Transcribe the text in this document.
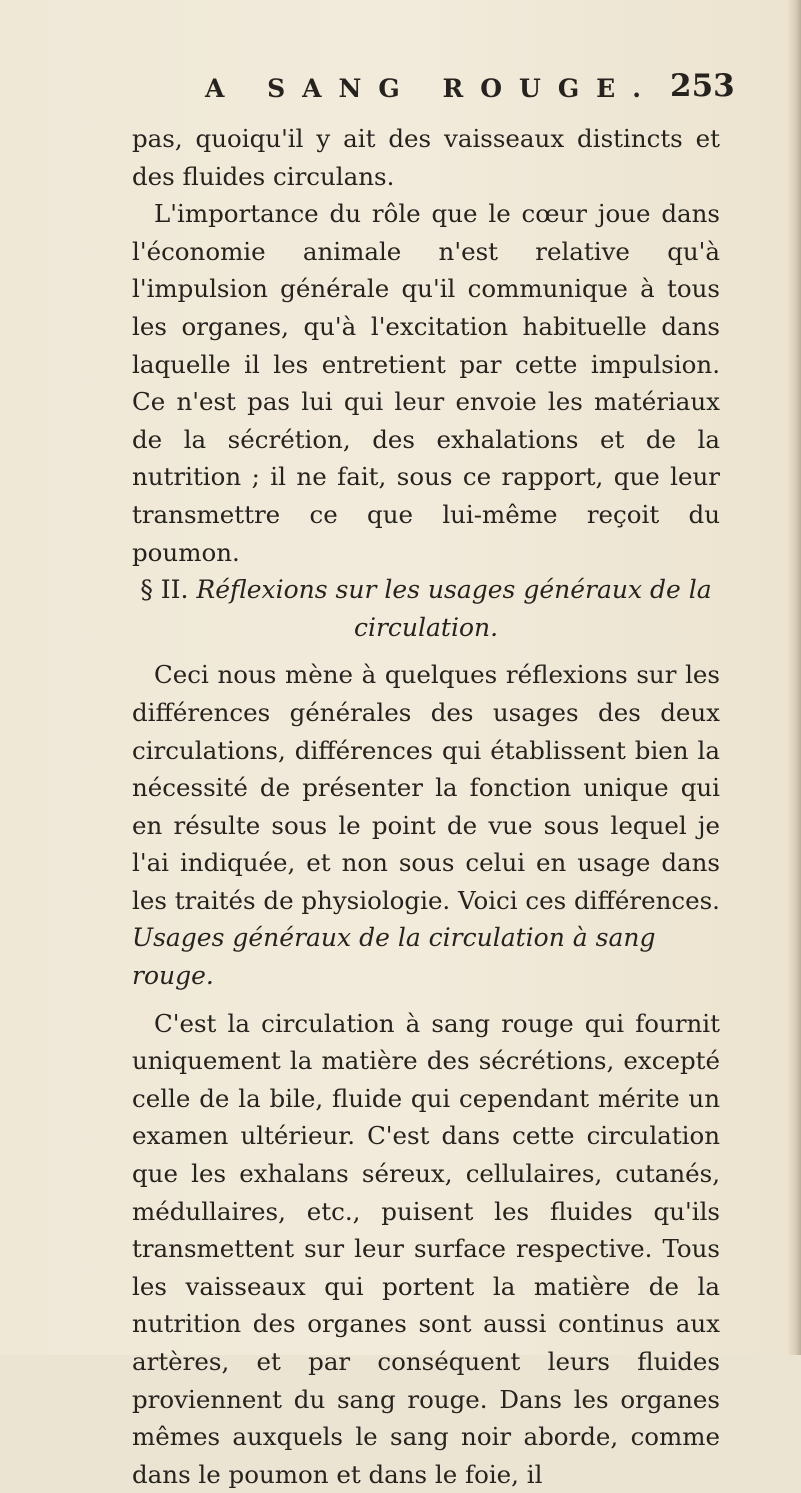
A SANG ROUGE. 253

pas, quoiqu'il y ait des vaisseaux distincts et des fluides circulans.

L'importance du rôle que le cœur joue dans l'économie animale n'est relative qu'à l'impulsion générale qu'il communique à tous les organes, qu'à l'excitation habituelle dans laquelle il les entretient par cette impulsion. Ce n'est pas lui qui leur envoie les matériaux de la sécrétion, des exhalations et de la nutrition ; il ne fait, sous ce rapport, que leur transmettre ce que lui-même reçoit du poumon.

§ II. Réflexions sur les usages généraux de la circulation.

Ceci nous mène à quelques réflexions sur les différences générales des usages des deux circulations, différences qui établissent bien la nécessité de présenter la fonction unique qui en résulte sous le point de vue sous lequel je l'ai indiquée, et non sous celui en usage dans les traités de physiologie. Voici ces différences.

Usages généraux de la circulation à sang rouge.

C'est la circulation à sang rouge qui fournit uniquement la matière des sécrétions, excepté celle de la bile, fluide qui cependant mérite un examen ultérieur. C'est dans cette circulation que les exhalans séreux, cellulaires, cutanés, médullaires, etc., puisent les fluides qu'ils transmettent sur leur surface respective. Tous les vaisseaux qui portent la matière de la nutrition des organes sont aussi continus aux artères, et par conséquent leurs fluides proviennent du sang rouge. Dans les organes mêmes auxquels le sang noir aborde, comme dans le poumon et dans le foie, il
